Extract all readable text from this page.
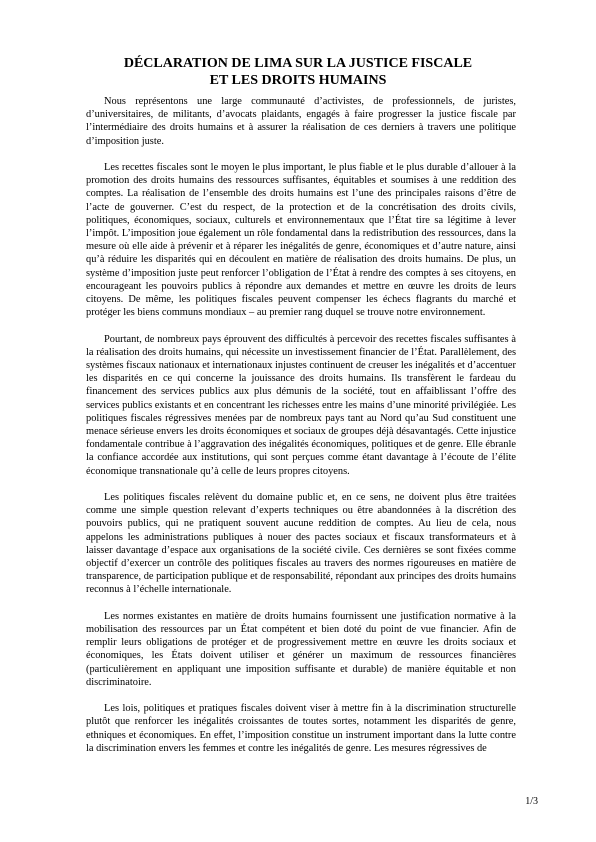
DÉCLARATION DE LIMA SUR LA JUSTICE FISCALE
ET LES DROITS HUMAINS

Nous représentons une large communauté d’activistes, de professionnels, de juristes, d’universitaires, de militants, d’avocats plaidants, engagés à faire progresser la justice fiscale par l’intermédiaire des droits humains et à assurer la réalisation de ces derniers à travers une politique d’imposition juste.

Les recettes fiscales sont le moyen le plus important, le plus fiable et le plus durable d’allouer à la promotion des droits humains des ressources suffisantes, équitables et soumises à une reddition des comptes. La réalisation de l’ensemble des droits humains est l’une des principales raisons d’être de l’acte de gouverner. C’est du respect, de la protection et de la concrétisation des droits civils, politiques, économiques, sociaux, culturels et environnementaux que l’État tire sa légitime à lever l’impôt. L’imposition joue également un rôle fondamental dans la redistribution des ressources, dans la mesure où elle aide à prévenir et à réparer les inégalités de genre, économiques et d’autre nature, ainsi qu’à réduire les disparités qui en découlent en matière de réalisation des droits humains. De plus, un système d’imposition juste peut renforcer l’obligation de l’État à rendre des comptes à ses citoyens, en encourageant les pouvoirs publics à répondre aux demandes et mettre en œuvre les droits de leurs citoyens. De même, les politiques fiscales peuvent compenser les échecs flagrants du marché et protéger les biens communs mondiaux – au premier rang duquel se trouve notre environnement.

Pourtant, de nombreux pays éprouvent des difficultés à percevoir des recettes fiscales suffisantes à la réalisation des droits humains, qui nécessite un investissement financier de l’État. Parallèlement, des systèmes fiscaux nationaux et internationaux injustes continuent de creuser les inégalités et d’accentuer les disparités en ce qui concerne la jouissance des droits humains. Ils transfèrent le fardeau du financement des services publics aux plus démunis de la société, tout en affaiblissant l’offre des services publics existants et en concentrant les richesses entre les mains d’une minorité privilégiée. Les politiques fiscales régressives menées par de nombreux pays tant au Nord qu’au Sud constituent une menace sérieuse envers les droits économiques et sociaux de groupes déjà désavantagés. Cette injustice fondamentale contribue à l’aggravation des inégalités économiques, politiques et de genre. Elle ébranle la confiance accordée aux institutions, qui sont perçues comme étant davantage à l’écoute de l’élite économique transnationale qu’à celle de leurs propres citoyens.

Les politiques fiscales relèvent du domaine public et, en ce sens, ne doivent plus être traitées comme une simple question relevant d’experts techniques ou être abandonnées à la discrétion des pouvoirs publics, qui ne pratiquent souvent aucune reddition de comptes. Au lieu de cela, nous appelons les administrations publiques à nouer des pactes sociaux et fiscaux transformateurs et à laisser davantage d’espace aux organisations de la société civile. Ces dernières se sont fixées comme objectif d’exercer un contrôle des politiques fiscales au travers des normes rigoureuses en matière de transparence, de participation publique et de responsabilité, répondant aux principes des droits humains reconnus à l’échelle internationale.

Les normes existantes en matière de droits humains fournissent une justification normative à la mobilisation des ressources par un État compétent et bien doté du point de vue financier. Afin de remplir leurs obligations de protéger et de progressivement mettre en œuvre les droits sociaux et économiques, les États doivent utiliser et générer un maximum de ressources financières (particulièrement en appliquant une imposition suffisante et durable) de manière équitable et non discriminatoire.

Les lois, politiques et pratiques fiscales doivent viser à mettre fin à la discrimination structurelle plutôt que renforcer les inégalités croissantes de toutes sortes, notamment les disparités de genre, ethniques et économiques. En effet, l’imposition constitue un instrument important dans la lutte contre la discrimination envers les femmes et contre les inégalités de genre. Les mesures régressives de

1/3
